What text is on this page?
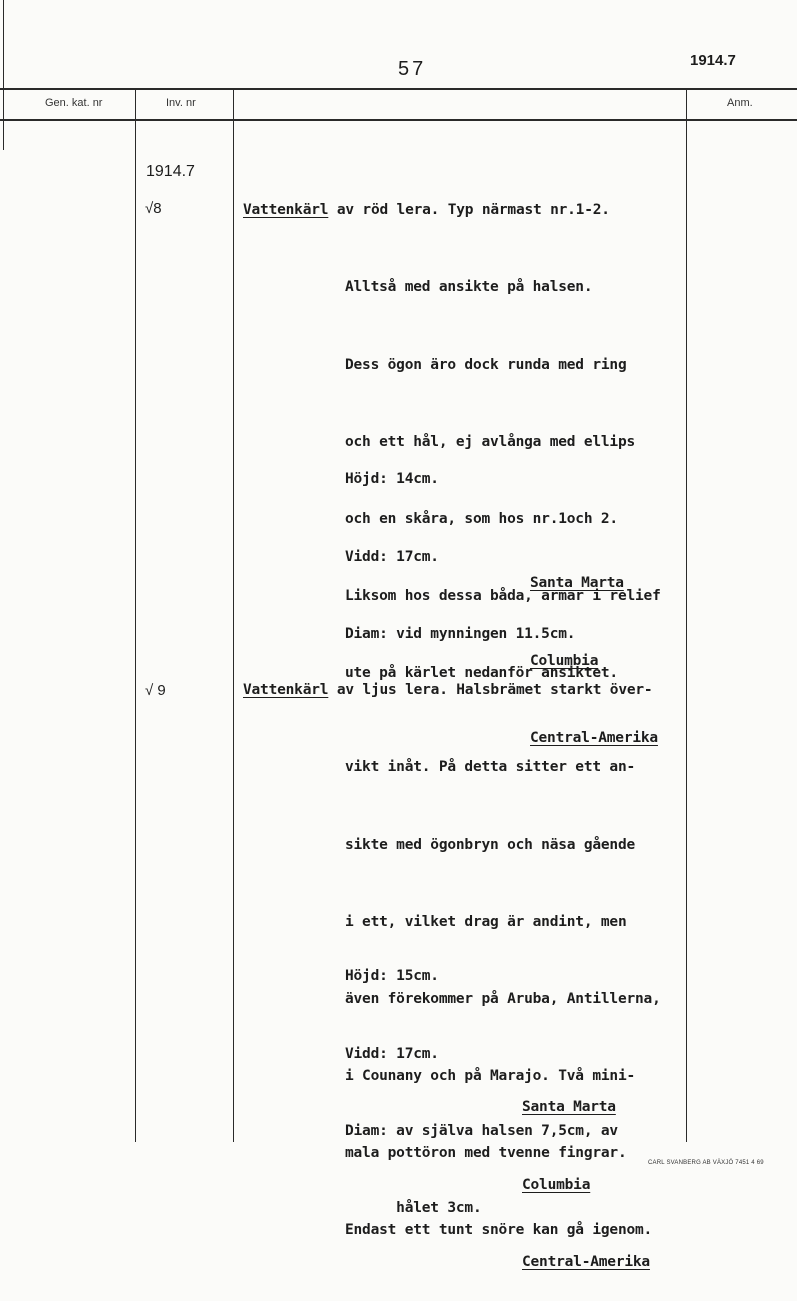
57	1914.7
Gen. kat. nr	Inv. nr	Anm.
1914.7
√8	Vattenkärl av röd lera. Typ närmast nr.1-2.

Alltså med ansikte på halsen.

Dess ögon äro dock runda med ring

och ett hål, ej avlånga med ellips

och en skåra, som hos nr.1och 2.

Liksom hos dessa båda, armar i relief

ute på kärlet nedanför ansiktet.

Höjd: 14cm.

Vidd: 17cm.

Diam: vid mynningen 11.5cm.

Santa Marta

Columbia

Central-Amerika

√ 9	Vattenkärl av ljus lera. Halsbrämet starkt över-

vikt inåt. På detta sitter ett an-

sikte med ögonbryn och näsa gående

i ett, vilket drag är andint, men

även förekommer på Aruba, Antillerna,

i Counany och på Marajo. Två mini-

mala pottöron med tvenne fingrar.

Endast ett tunt snöre kan gå igenom.

Höjd: 15cm.

Vidd: 17cm.

Diam: av själva halsen 7,5cm, av

hålet 3cm.

Santa Marta

Columbia

Central-Amerika

CARL SVANBERG AB VÄXJÖ 7451 4 69
